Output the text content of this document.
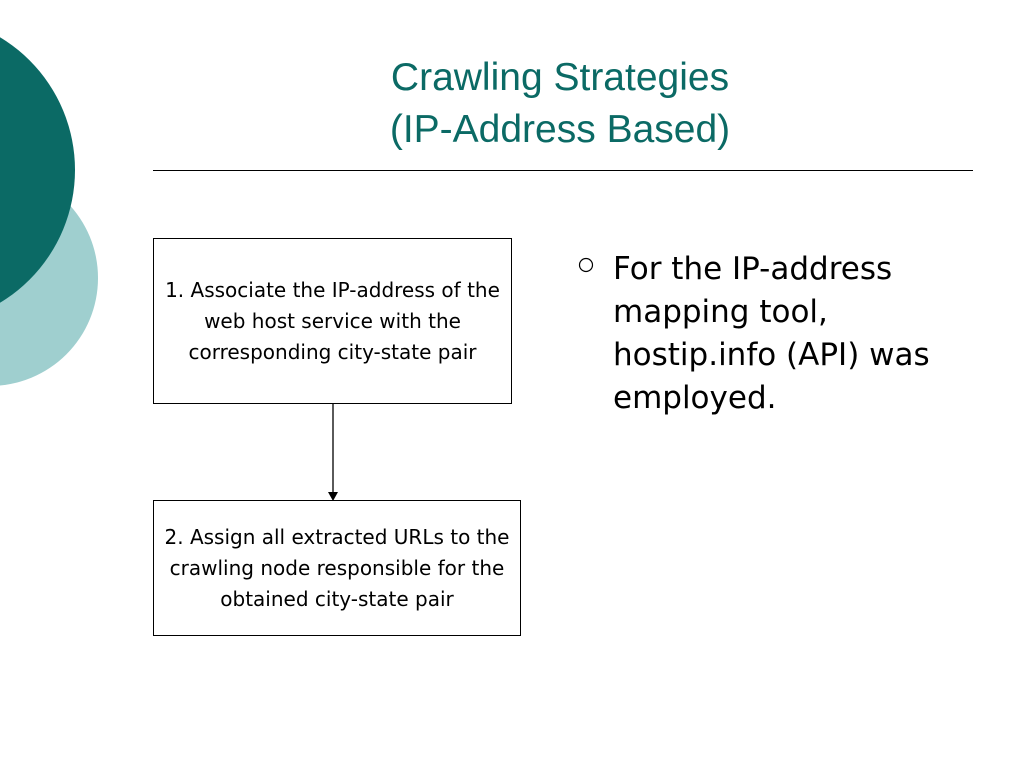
Crawling Strategies
(IP-Address Based)
1. Associate the IP-address of the web host service with the corresponding city-state pair
2. Assign all extracted URLs to the crawling node responsible for the obtained city-state pair
For the IP-address mapping tool, hostip.info (API) was employed.
